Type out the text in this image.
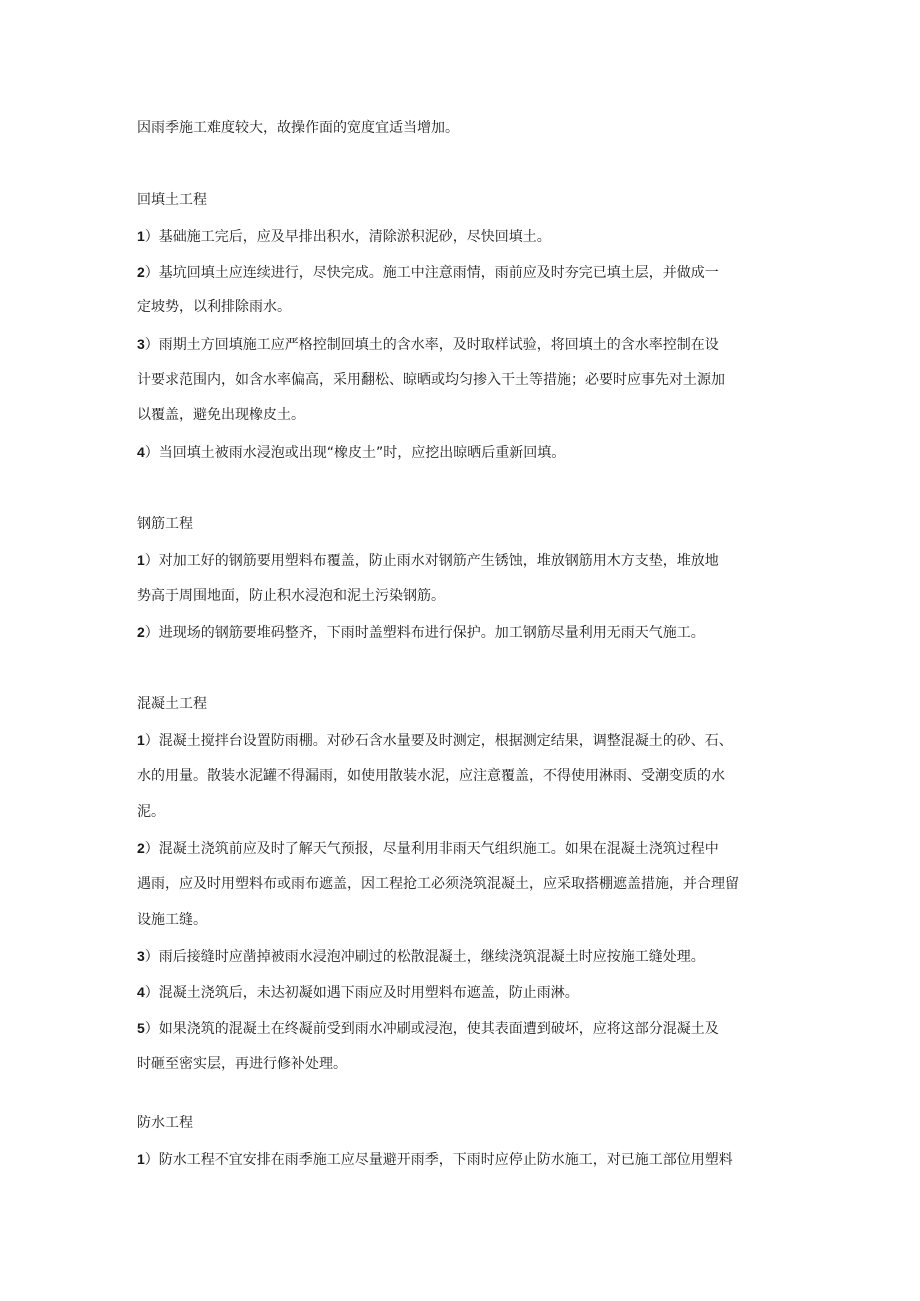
因雨季施工难度较大，故操作面的宽度宜适当增加。
回填土工程
1）基础施工完后，应及早排出积水，清除淤积泥砂，尽快回填土。
2）基坑回填土应连续进行，尽快完成。施工中注意雨情，雨前应及时夯完已填土层，并做成一
定坡势，以利排除雨水。
3）雨期土方回填施工应严格控制回填土的含水率，及时取样试验，将回填土的含水率控制在设
计要求范围内，如含水率偏高，采用翻松、晾晒或均匀掺入干土等措施；必要时应事先对土源加
以覆盖，避免出现橡皮土。
4）当回填土被雨水浸泡或出现“橡皮土”时，应挖出晾晒后重新回填。
钢筋工程
1）对加工好的钢筋要用塑料布覆盖，防止雨水对钢筋产生锈蚀，堆放钢筋用木方支垫，堆放地
势高于周围地面，防止积水浸泡和泥土污染钢筋。
2）进现场的钢筋要堆码整齐，下雨时盖塑料布进行保护。加工钢筋尽量利用无雨天气施工。
混凝土工程
1）混凝土搅拌台设置防雨棚。对砂石含水量要及时测定，根据测定结果，调整混凝土的砂、石、
水的用量。散装水泥罐不得漏雨，如使用散装水泥，应注意覆盖，不得使用淋雨、受潮变质的水
泥。
2）混凝土浇筑前应及时了解天气预报，尽量利用非雨天气组织施工。如果在混凝土浇筑过程中
遇雨，应及时用塑料布或雨布遮盖，因工程抢工必须浇筑混凝土，应采取搭棚遮盖措施，并合理留
设施工缝。
3）雨后接缝时应凿掉被雨水浸泡冲刷过的松散混凝土，继续浇筑混凝土时应按施工缝处理。
4）混凝土浇筑后，未达初凝如遇下雨应及时用塑料布遮盖，防止雨淋。
5）如果浇筑的混凝土在终凝前受到雨水冲刷或浸泡，使其表面遭到破坏，应将这部分混凝土及
时砸至密实层，再进行修补处理。
防水工程
1）防水工程不宜安排在雨季施工应尽量避开雨季，下雨时应停止防水施工，对已施工部位用塑料
